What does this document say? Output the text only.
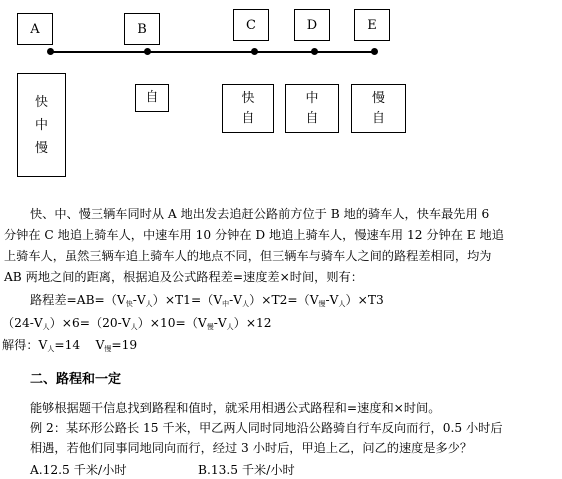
A	B	C	D	E
快
中
慢
自	快
自
中
自
慢
自
快、中、慢三辆车同时从 A 地出发去追赶公路前方位于 B 地的骑车人，快车最先用 6
分钟在 C 地追上骑车人，中速车用 10 分钟在 D 地追上骑车人，慢速车用 12 分钟在 E 地追
上骑车人，虽然三辆车追上骑车人的地点不同，但三辆车与骑车人之间的路程差相同，均为
AB 两地之间的距离，根据追及公式路程差=速度差×时间，则有：
路程差$=AB=(V_快-V_人)\times T1=(V_中-V_人)\times T2=(V_慢-V_人)\times T3$
$(24-V_人)\times 6=(20-V_人)\times 10=(V_慢-V_人)\times 12$
解得：$V_人=14$    $V_慢=19$
二、路程和一定
能够根据题干信息找到路程和值时，就采用相遇公式路程和=速度和×时间。
例 2：某环形公路长 15 千米，甲乙两人同时同地沿公路骑自行车反向而行，0.5 小时后
相遇，若他们同事同地同向而行，经过 3 小时后，甲追上乙，问乙的速度是多少？
A.12.5 千米/小时	B.13.5 千米/小时
